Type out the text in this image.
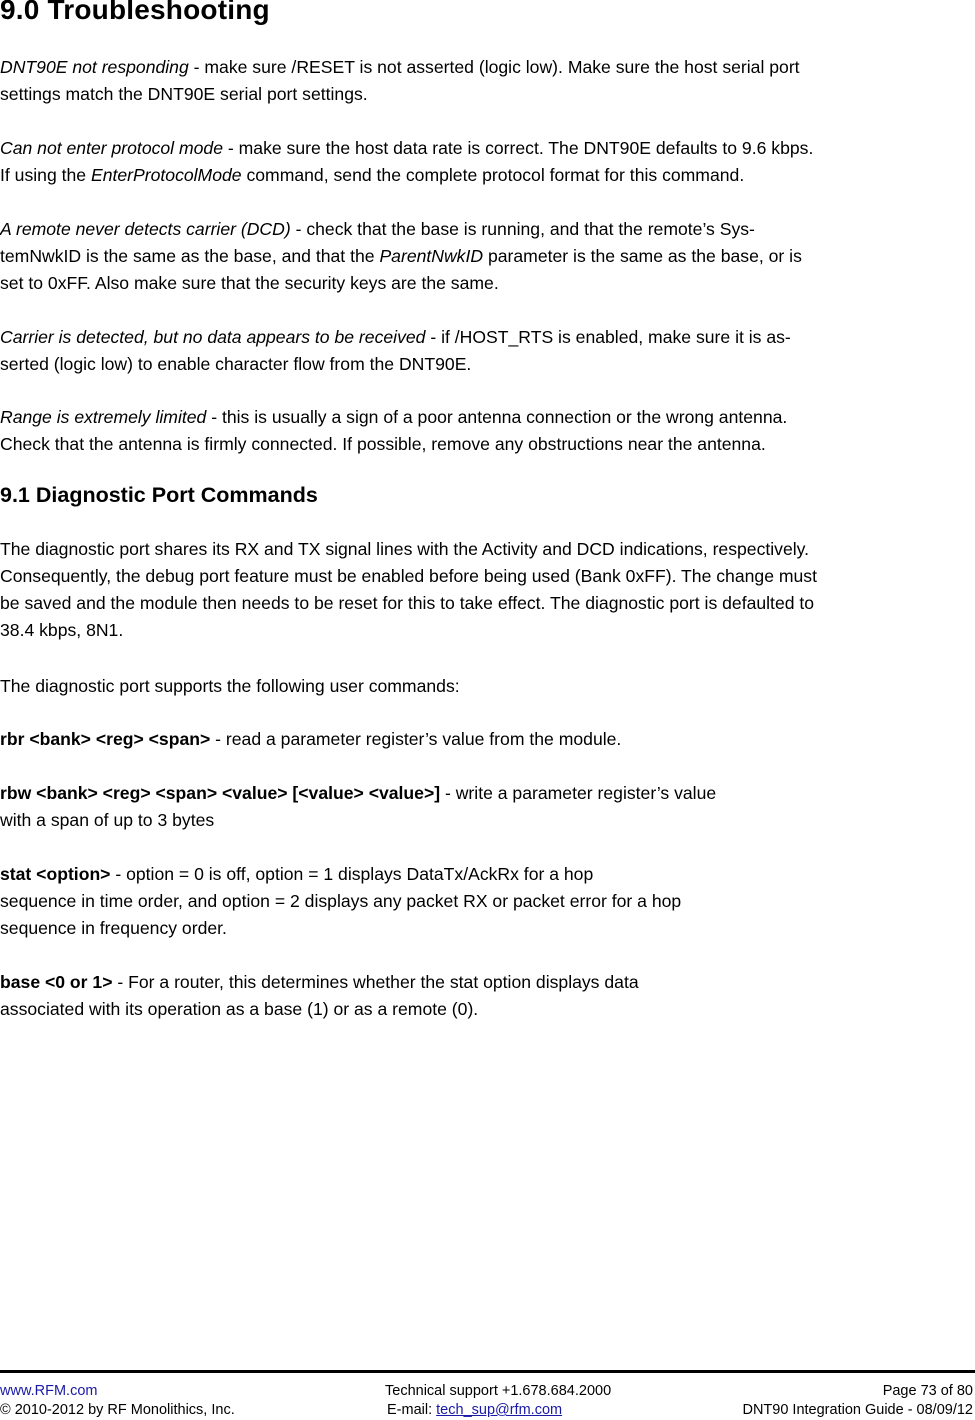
9.0 Troubleshooting

DNT90E not responding - make sure /RESET is not asserted (logic low). Make sure the host serial port
settings match the DNT90E serial port settings.

Can not enter protocol mode - make sure the host data rate is correct. The DNT90E defaults to 9.6 kbps.
If using the EnterProtocolMode command, send the complete protocol format for this command.

A remote never detects carrier (DCD) - check that the base is running, and that the remote’s Sys-
temNwkID is the same as the base, and that the ParentNwkID parameter is the same as the base, or is
set to 0xFF. Also make sure that the security keys are the same.

Carrier is detected, but no data appears to be received - if /HOST_RTS is enabled, make sure it is as-
serted (logic low) to enable character flow from the DNT90E.

Range is extremely limited - this is usually a sign of a poor antenna connection or the wrong antenna.
Check that the antenna is firmly connected. If possible, remove any obstructions near the antenna.

9.1 Diagnostic Port Commands

The diagnostic port shares its RX and TX signal lines with the Activity and DCD indications, respectively.
Consequently, the debug port feature must be enabled before being used (Bank 0xFF). The change must
be saved and the module then needs to be reset for this to take effect. The diagnostic port is defaulted to
38.4 kbps, 8N1.

The diagnostic port supports the following user commands:

rbr <bank> <reg> <span> - read a parameter register’s value from the module.

rbw <bank> <reg> <span> <value> [<value> <value>] - write a parameter register’s value
with a span of up to 3 bytes

stat <option> - option = 0 is off, option = 1 displays DataTx/AckRx for a hop
sequence in time order, and option = 2 displays any packet RX or packet error for a hop
sequence in frequency order.

base <0 or 1> - For a router, this determines whether the stat option displays data
associated with its operation as a base (1) or as a remote (0).

www.RFM.com
© 2010-2012 by RF Monolithics, Inc.
Technical support +1.678.684.2000
E-mail: tech_sup@rfm.com
Page 73 of 80
DNT90 Integration Guide - 08/09/12
